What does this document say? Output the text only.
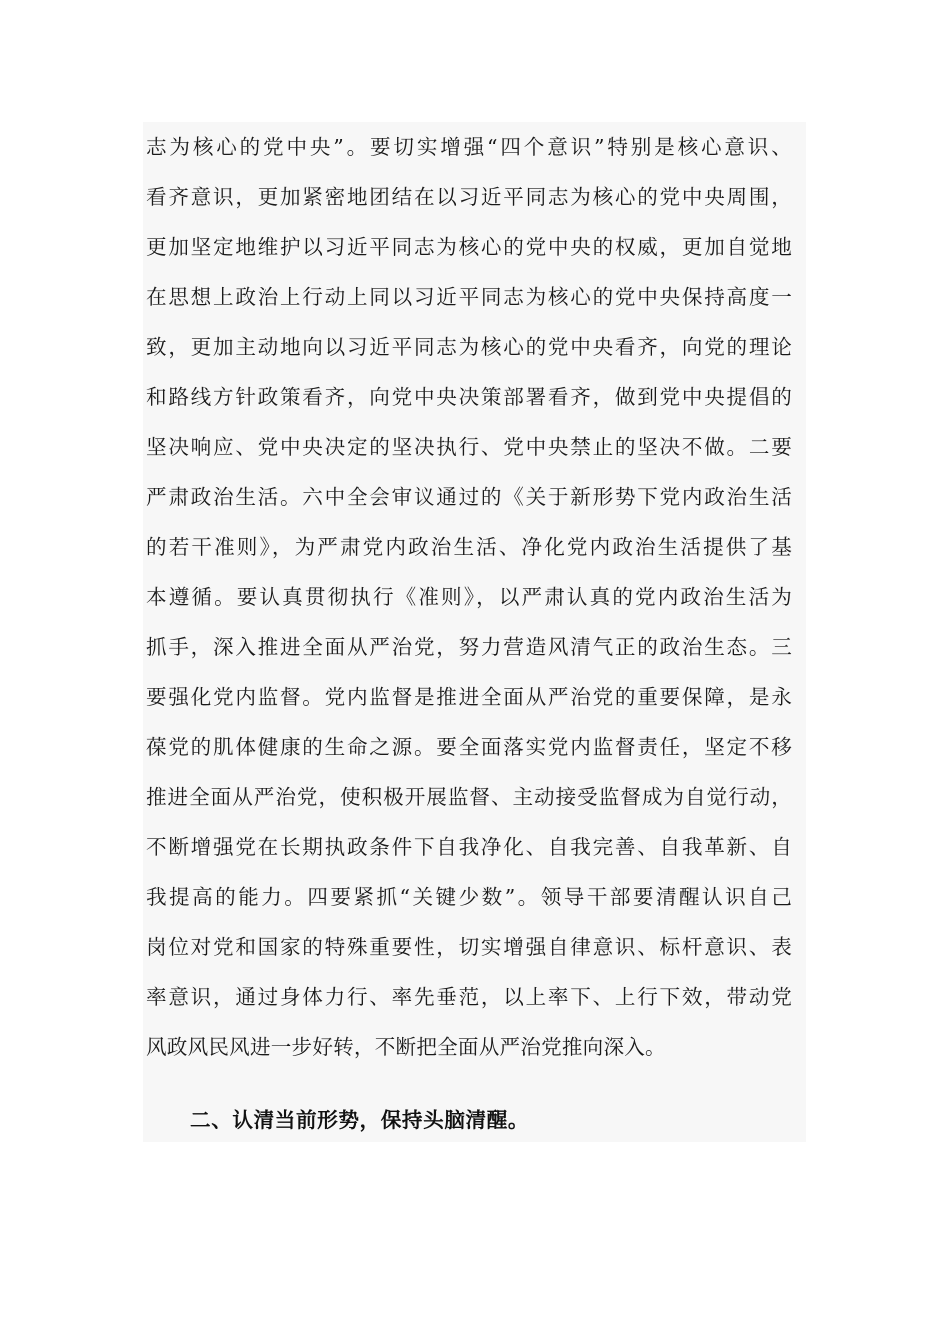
志为核心的党中央”。要切实增强“四个意识”特别是核心意识、
看齐意识，更加紧密地团结在以习近平同志为核心的党中央周围，
更加坚定地维护以习近平同志为核心的党中央的权威，更加自觉地
在思想上政治上行动上同以习近平同志为核心的党中央保持高度一
致，更加主动地向以习近平同志为核心的党中央看齐，向党的理论
和路线方针政策看齐，向党中央决策部署看齐，做到党中央提倡的
坚决响应、党中央决定的坚决执行、党中央禁止的坚决不做。二要
严肃政治生活。六中全会审议通过的《关于新形势下党内政治生活
的若干准则》，为严肃党内政治生活、净化党内政治生活提供了基
本遵循。要认真贯彻执行《准则》，以严肃认真的党内政治生活为
抓手，深入推进全面从严治党，努力营造风清气正的政治生态。三
要强化党内监督。党内监督是推进全面从严治党的重要保障，是永
葆党的肌体健康的生命之源。要全面落实党内监督责任，坚定不移
推进全面从严治党，使积极开展监督、主动接受监督成为自觉行动，
不断增强党在长期执政条件下自我净化、自我完善、自我革新、自
我提高的能力。四要紧抓“关键少数”。领导干部要清醒认识自己
岗位对党和国家的特殊重要性，切实增强自律意识、标杆意识、表
率意识，通过身体力行、率先垂范，以上率下、上行下效，带动党
风政风民风进一步好转，不断把全面从严治党推向深入。
二、认清当前形势，保持头脑清醒。
